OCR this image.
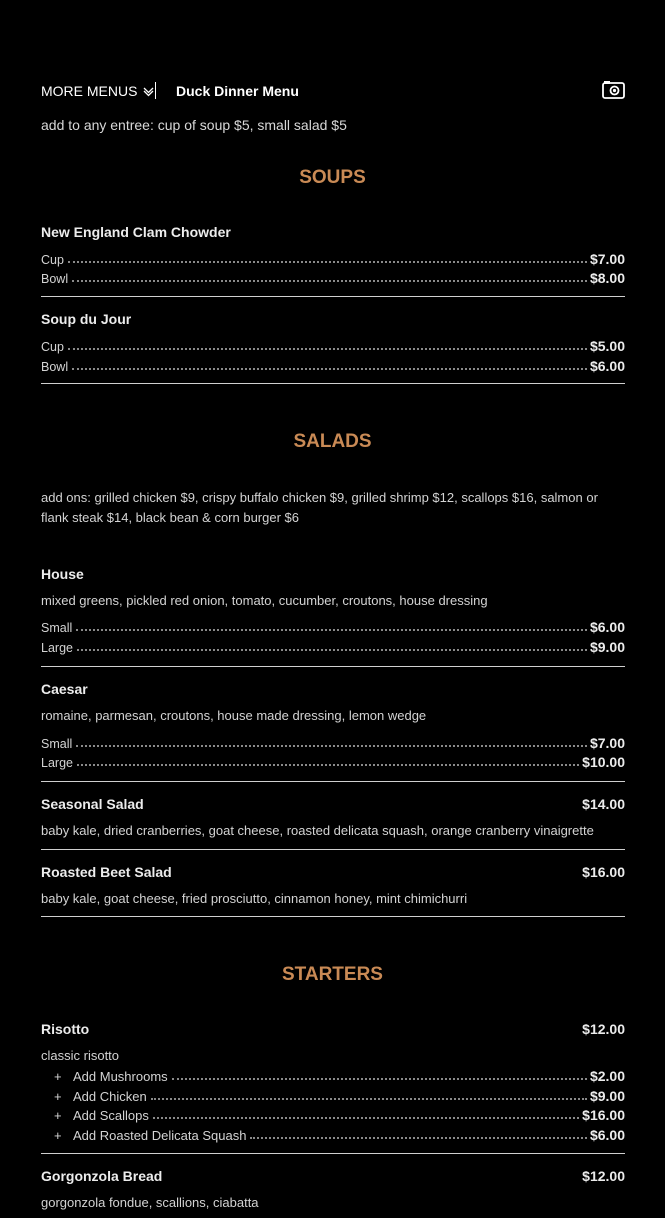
MORE MENUS	Duck Dinner Menu
add to any entree: cup of soup $5, small salad $5
SOUPS
New England Clam Chowder
Cup	$7.00
Bowl	$8.00
Soup du Jour
Cup	$5.00
Bowl	$6.00
SALADS
add ons: grilled chicken $9, crispy buffalo chicken $9, grilled shrimp $12, scallops $16, salmon or flank steak $14, black bean & corn burger $6
House
mixed greens, pickled red onion, tomato, cucumber, croutons, house dressing
Small	$6.00
Large	$9.00
Caesar
romaine, parmesan, croutons, house made dressing, lemon wedge
Small	$7.00
Large	$10.00
Seasonal Salad	$14.00
baby kale, dried cranberries, goat cheese, roasted delicata squash, orange cranberry vinaigrette
Roasted Beet Salad	$16.00
baby kale, goat cheese, fried prosciutto, cinnamon honey, mint chimichurri
STARTERS
Risotto	$12.00
classic risotto
+ Add Mushrooms	$2.00
+ Add Chicken	$9.00
+ Add Scallops	$16.00
+ Add Roasted Delicata Squash	$6.00
Gorgonzola Bread	$12.00
gorgonzola fondue, scallions, ciabatta
